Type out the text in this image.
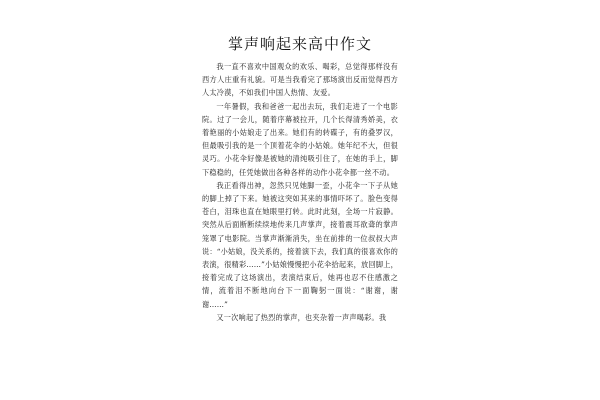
掌声响起来高中作文

我一直不喜欢中国观众的欢乐、喝彩，总觉得那样没有西方人庄重有礼貌。可是当我看完了那场演出反而觉得西方人太冷漠，不如我们中国人热情、友爱。

一年暑假，我和爸爸一起出去玩，我们走进了一个电影院。过了一会儿，随着序幕被拉开，几个长得清秀娇美，衣着艳丽的小姑娘走了出来。她们有的转碟子，有的叠罗汉，但最吸引我的是一个顶着花伞的小姑娘。她年纪不大，但很灵巧。小花伞好像是被她的清纯吸引住了，在她的手上，脚下稳稳的，任凭她做出各种各样的动作小花伞都一丝不动。

我正看得出神，忽然只见她脚一歪，小花伞一下子从她的脚上掉了下来。她被这突如其来的事情吓坏了。脸色变得苍白，泪珠也直在她眼里打转。此时此刻，全场一片寂静。突然从后面断断续续地传来几声掌声，接着震耳欲聋的掌声笼罩了电影院。当掌声渐渐消失，坐在前排的一位叔叔大声说：“小姑娘，没关系的，接着演下去，我们真的很喜欢你的表演，很精彩……”小姑娘慢慢把小花伞拾起来，放回脚上，接着完成了这场演出，表演结束后，她再也忍不住感激之情，流着泪不断地向台下一面鞠躬一面说：“谢谢，谢谢……”

又一次响起了热烈的掌声，也夹杂着一声声喝彩。我
